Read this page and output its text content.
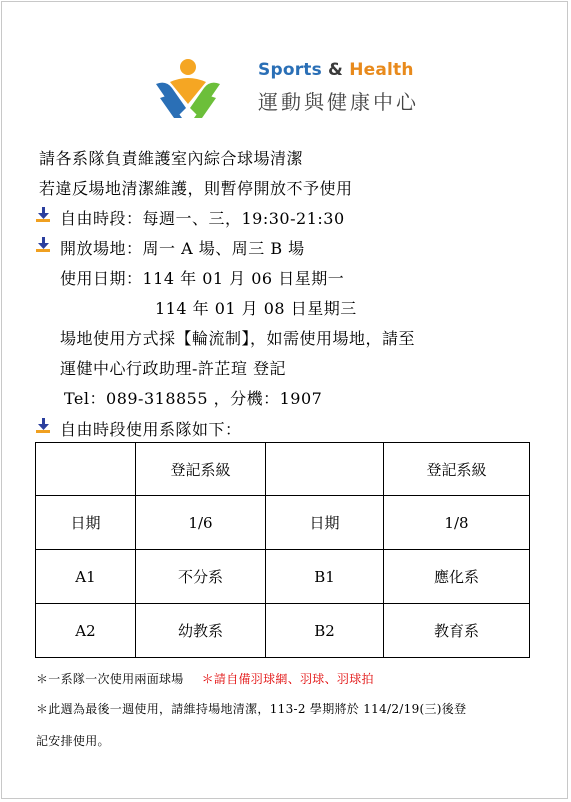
Sports & Health
運動與健康中心
請各系隊負責維護室內綜合球場清潔
若違反場地清潔維護，則暫停開放不予使用
自由時段：每週一、三，19:30-21:30
開放場地：周一 A 場、周三 B 場
使用日期：114 年 01 月 06 日星期一
114 年 01 月 08 日星期三
場地使用方式採【輪流制】，如需使用場地，請至
運健中心行政助理-許芷瑄 登記
Tel：089-318855 ，分機：1907
自由時段使用系隊如下：
	登記系級		登記系級
日期	1/6	日期	1/8
A1	不分系	B1	應化系
A2	幼教系	B2	教育系
＊一系隊一次使用兩面球場 ＊請自備羽球網、羽球、羽球拍
＊此週為最後一週使用，請維持場地清潔，113-2 學期將於 114/2/19(三)後登
記安排使用。
